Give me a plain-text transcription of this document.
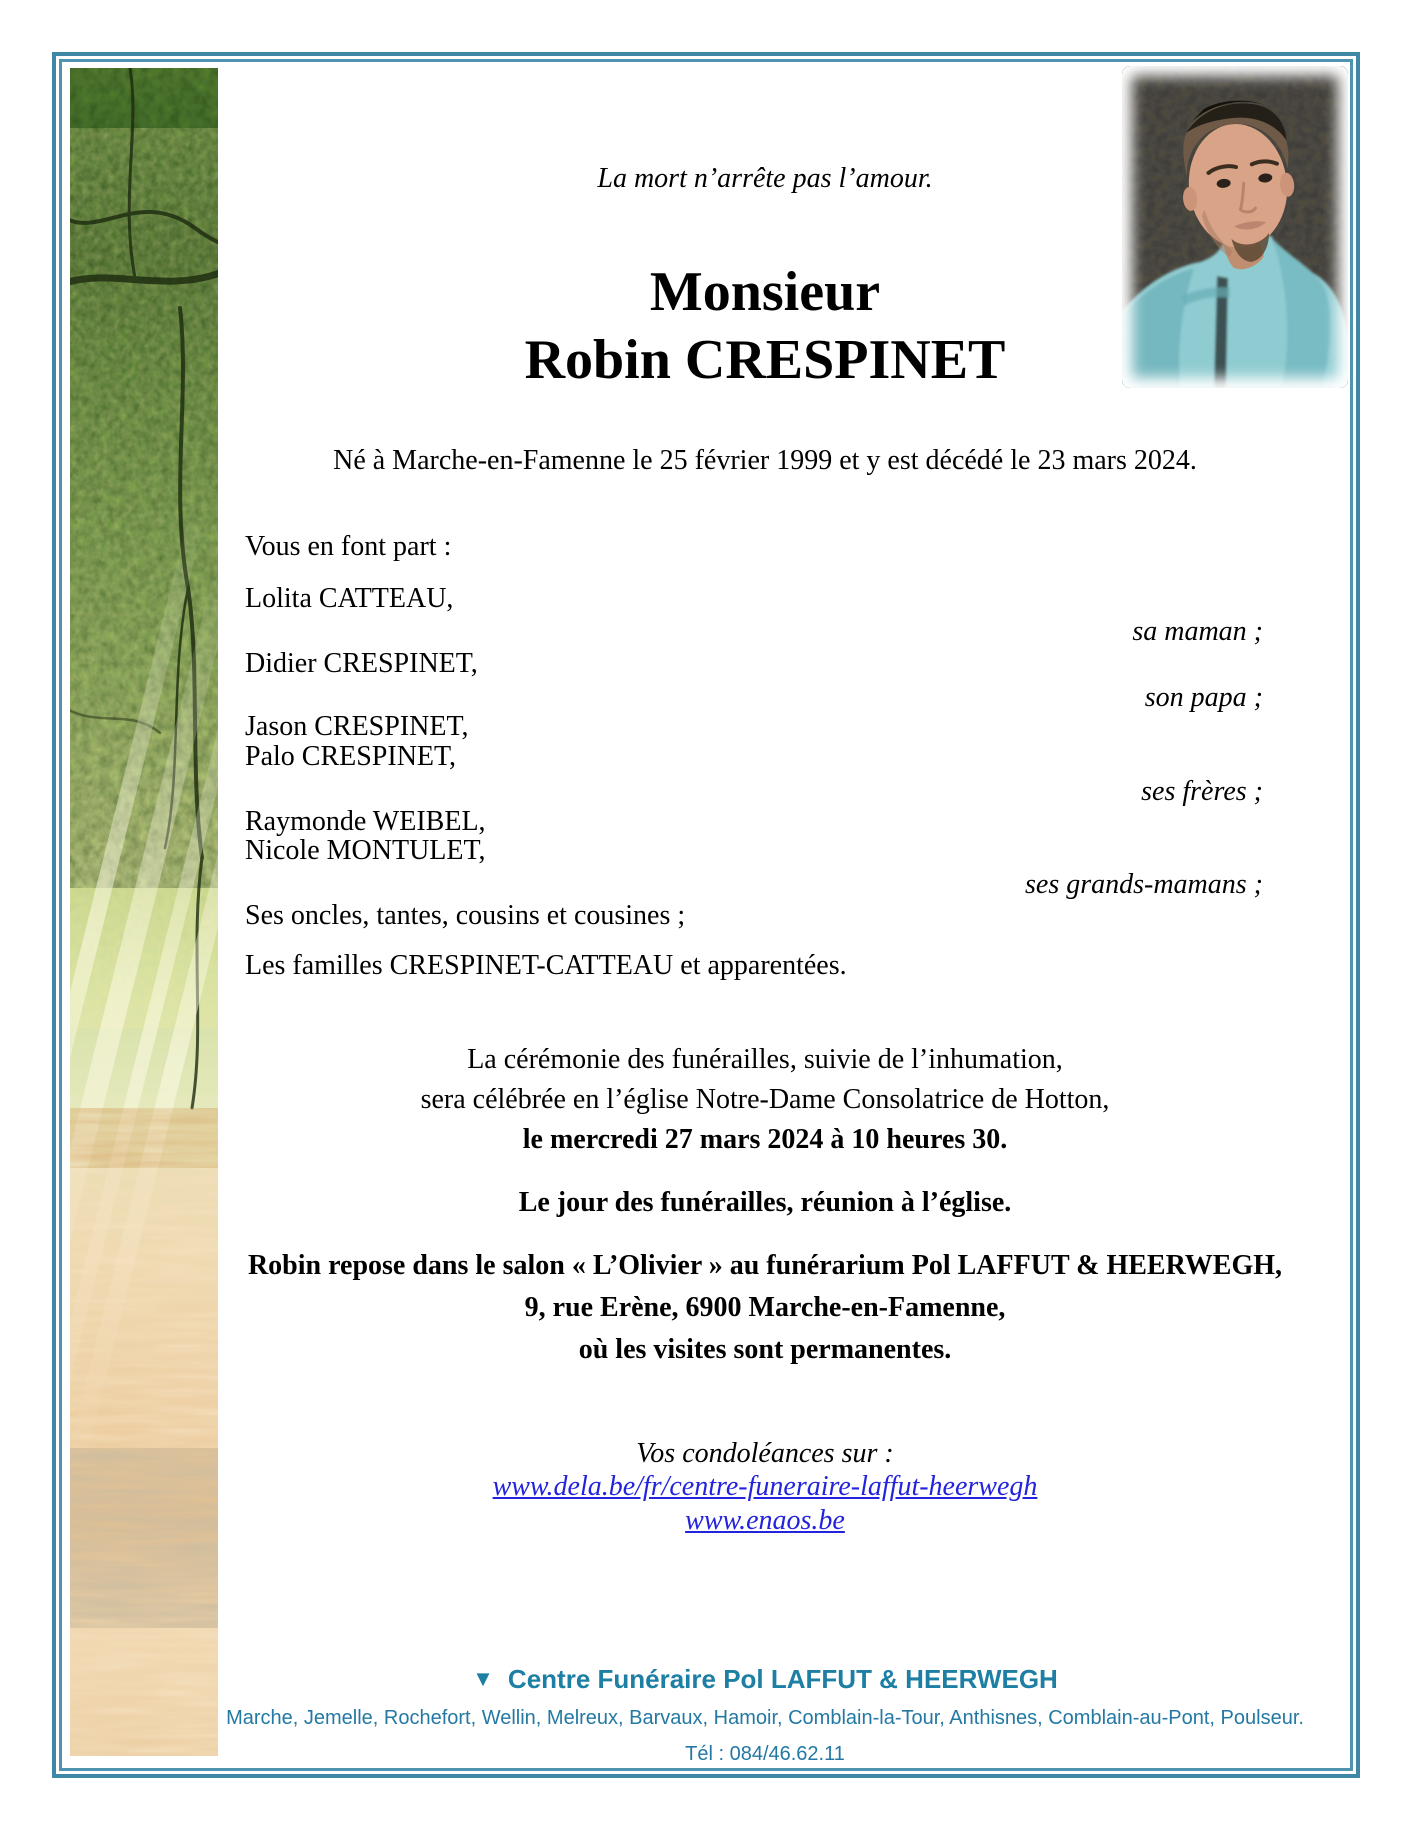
La mort n’arrête pas l’amour.
Monsieur
Robin CRESPINET
Né à Marche-en-Famenne le 25 février 1999 et y est décédé le 23 mars 2024.
Vous en font part :
Lolita CATTEAU,
sa maman ;
Didier CRESPINET,
son papa ;
Jason CRESPINET,
Palo CRESPINET,
ses frères ;
Raymonde WEIBEL,
Nicole MONTULET,
ses grands-mamans ;
Ses oncles, tantes, cousins et cousines ;
Les familles CRESPINET-CATTEAU et apparentées.
La cérémonie des funérailles, suivie de l’inhumation,
sera célébrée en l’église Notre-Dame Consolatrice de Hotton,
le mercredi 27 mars 2024 à 10 heures 30.
Le jour des funérailles, réunion à l’église.
Robin repose dans le salon « L’Olivier » au funérarium Pol LAFFUT & HEERWEGH,
9, rue Erène, 6900 Marche-en-Famenne,
où les visites sont permanentes.
Vos condoléances sur :
www.dela.be/fr/centre-funeraire-laffut-heerwegh
www.enaos.be
▼ Centre Funéraire Pol LAFFUT & HEERWEGH
Marche, Jemelle, Rochefort, Wellin, Melreux, Barvaux, Hamoir, Comblain-la-Tour, Anthisnes, Comblain-au-Pont, Poulseur.
Tél : 084/46.62.11
